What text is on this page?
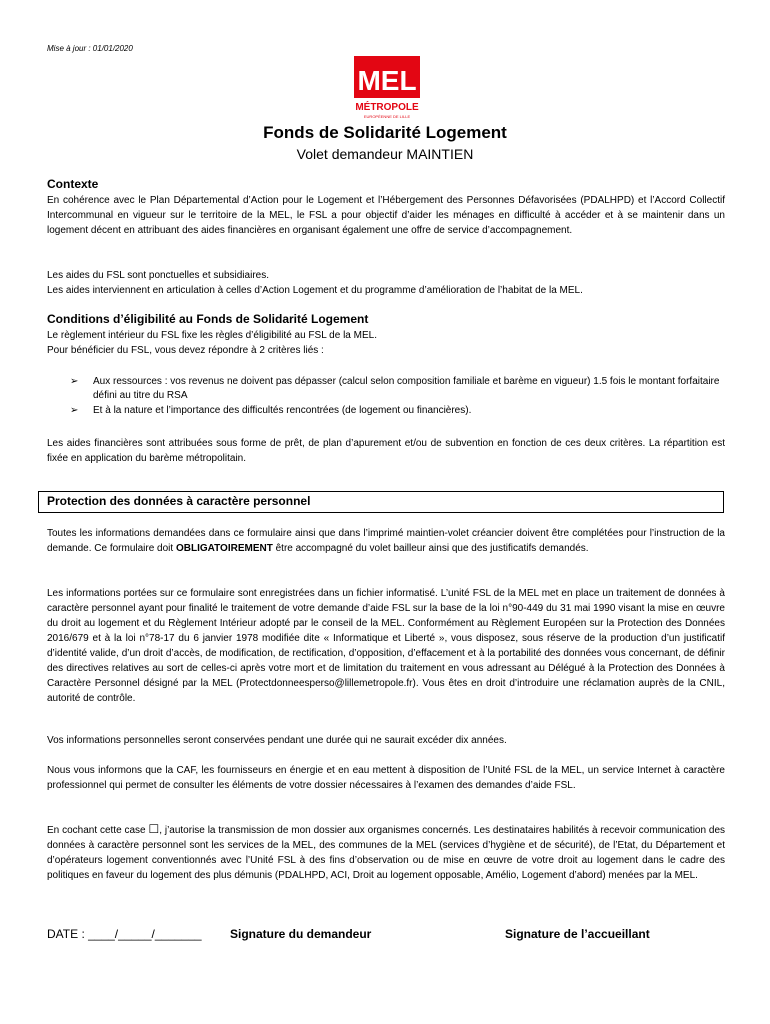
Mise à jour : 01/01/2020
MEL
MÉTROPOLE
EUROPÉENNE DE LILLE
Fonds de Solidarité Logement
Volet demandeur MAINTIEN
Contexte
En cohérence avec le Plan Départemental d’Action pour le Logement et l’Hébergement des Personnes Défavorisées (PDALHPD) et l’Accord Collectif Intercommunal en vigueur sur le territoire de la MEL, le FSL a pour objectif d’aider les ménages en difficulté à accéder et à se maintenir dans un logement décent en attribuant des aides financières en organisant également une offre de service d’accompagnement.
Les aides du FSL sont ponctuelles et subsidiaires.
Les aides interviennent en articulation à celles d’Action Logement et du programme d’amélioration de l’habitat de la MEL.
Conditions d’éligibilité au Fonds de Solidarité Logement
Le règlement intérieur du FSL fixe les règles d’éligibilité au FSL de la MEL.
Pour bénéficier du FSL, vous devez répondre à 2 critères liés :
➢ Aux ressources : vos revenus ne doivent pas dépasser (calcul selon composition familiale et barème en vigueur) 1.5 fois le montant forfaitaire défini au titre du RSA
➢ Et à la nature et l’importance des difficultés rencontrées (de logement ou financières).
Les aides financières sont attribuées sous forme de prêt, de plan d’apurement et/ou de subvention en fonction de ces deux critères. La répartition est fixée en application du barème métropolitain.
Protection des données à caractère personnel
Toutes les informations demandées dans ce formulaire ainsi que dans l’imprimé maintien-volet créancier doivent être complétées pour l’instruction de la demande. Ce formulaire doit OBLIGATOIREMENT être accompagné du volet bailleur ainsi que des justificatifs demandés.
Les informations portées sur ce formulaire sont enregistrées dans un fichier informatisé. L’unité FSL de la MEL met en place un traitement de données à caractère personnel ayant pour finalité le traitement de votre demande d’aide FSL sur la base de la loi n°90-449 du 31 mai 1990 visant la mise en œuvre du droit au logement et du Règlement Intérieur adopté par le conseil de la MEL. Conformément au Règlement Européen sur la Protection des Données 2016/679 et à la loi n°78-17 du 6 janvier 1978 modifiée dite « Informatique et Liberté », vous disposez, sous réserve de la production d’un justificatif d’identité valide, d’un droit d’accès, de modification, de rectification, d’opposition, d’effacement et à la portabilité des données vous concernant, de définir des directives relatives au sort de celles-ci après votre mort et de limitation du traitement en vous adressant au Délégué à la Protection des Données à Caractère Personnel désigné par la MEL (Protectdonneesperso@lillemetropole.fr). Vous êtes en droit d’introduire une réclamation auprès de la CNIL, autorité de contrôle.
Vos informations personnelles seront conservées pendant une durée qui ne saurait excéder dix années.
Nous vous informons que la CAF, les fournisseurs en énergie et en eau mettent à disposition de l’Unité FSL de la MEL, un service Internet à caractère professionnel qui permet de consulter les éléments de votre dossier nécessaires à l’examen des demandes d’aide FSL.
En cochant cette case ☐, j’autorise la transmission de mon dossier aux organismes concernés. Les destinataires habilités à recevoir communication des données à caractère personnel sont les services de la MEL, des communes de la MEL (services d’hygiène et de sécurité), de l’Etat, du Département et d’opérateurs logement conventionnés avec l’Unité FSL à des fins d’observation ou de mise en œuvre de votre droit au logement dans le cadre des politiques en faveur du logement des plus démunis (PDALHPD, ACI, Droit au logement opposable, Amélio, Logement d’abord) menées par la MEL.
DATE : ____/_____/_______ Signature du demandeur	Signature de l’accueillant
